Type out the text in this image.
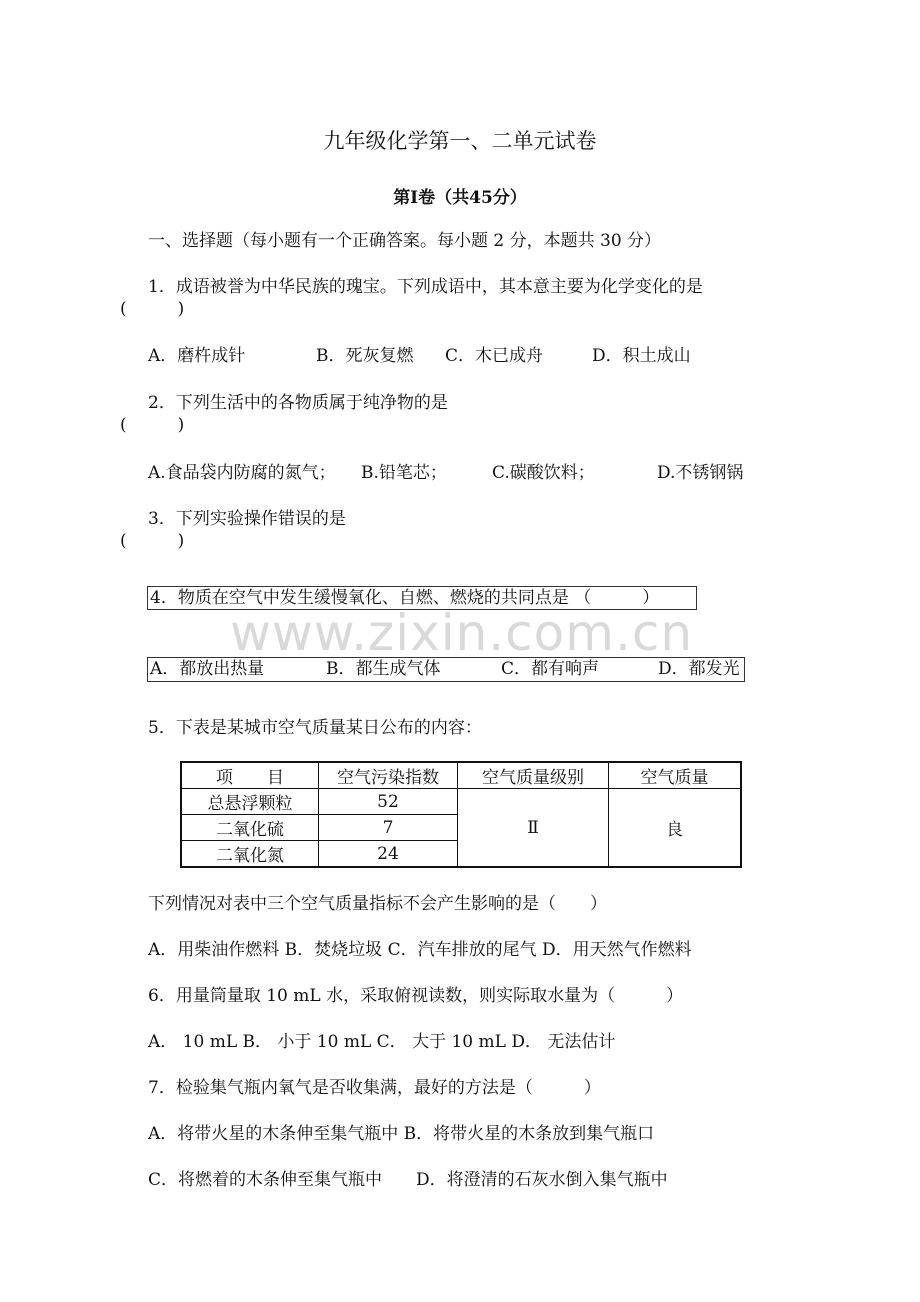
九年级化学第一、二单元试卷
第Ⅰ卷（共45分）
一、选择题（每小题有一个正确答案。每小题 2 分，本题共 30 分）
1．成语被誉为中华民族的瑰宝。下列成语中，其本意主要为化学变化的是
(　　　)
A．磨杵成针	B．死灰复燃 C．木已成舟	D．积土成山
2．下列生活中的各物质属于纯净物的是
(　　　)
A.食品袋内防腐的氮气； B.铅笔芯；	C.碳酸饮料；	D.不锈钢锅
3．下列实验操作错误的是
(　　　)
www.zixin.com.cn
4．物质在空气中发生缓慢氧化、自燃、燃烧的共同点是 （　　　）

A．都放出热量

	B．都生成气体

	C．都有响声

	D．都发光

5．下表是某城市空气质量某日公布的内容：
项　　目	空气污染指数	空气质量级别	空气质量
总悬浮颗粒	52	Ⅱ	良
二氧化硫	7		
二氧化氮	24		
下列情况对表中三个空气质量指标不会产生影响的是（　　）
A．用柴油作燃料 B．焚烧垃圾 C．汽车排放的尾气 D．用天然气作燃料
6．用量筒量取 10 mL 水，采取俯视读数，则实际取水量为（　　　）
A． 10 mL B． 小于 10 mL C． 大于 10 mL D． 无法估计
7．检验集气瓶内氧气是否收集满，最好的方法是（　　　）
A．将带火星的木条伸至集气瓶中 B．将带火星的木条放到集气瓶口
C．将燃着的木条伸至集气瓶中　　D．将澄清的石灰水倒入集气瓶中
